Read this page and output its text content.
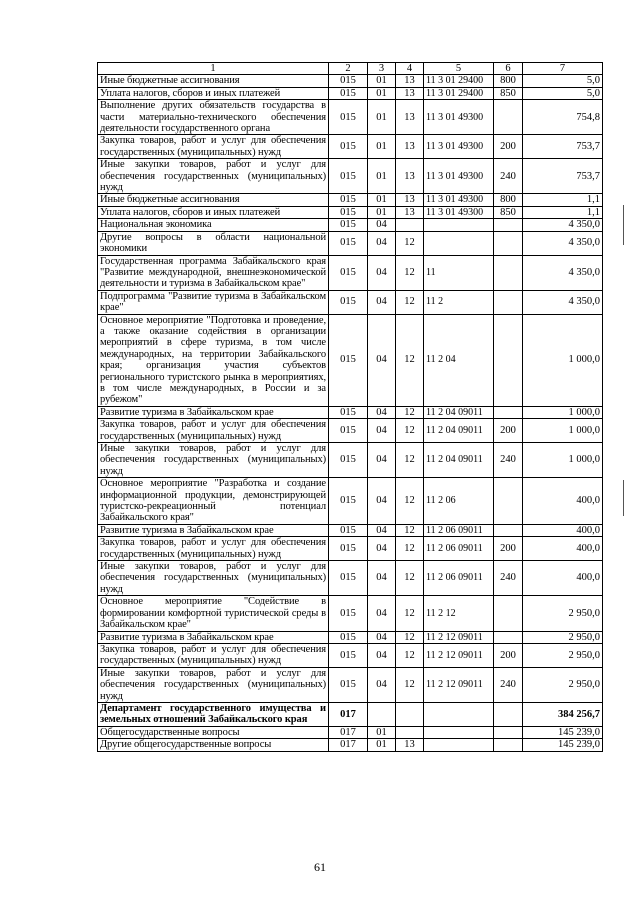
1	2	3	4	5	6	7
Иные бюджетные ассигнования	015	01	13	11 3 01 29400	800	5,0
Уплата налогов, сборов и иных платежей	015	01	13	11 3 01 29400	850	5,0
Выполнение других обязательств государства в части материально-технического обеспечения деятельности государственного органа	015	01	13	11 3 01 49300		754,8
Закупка товаров, работ и услуг для обеспечения государственных (муниципальных) нужд	015	01	13	11 3 01 49300	200	753,7
Иные закупки товаров, работ и услуг для обеспечения государственных (муниципальных) нужд	015	01	13	11 3 01 49300	240	753,7
Иные бюджетные ассигнования	015	01	13	11 3 01 49300	800	1,1
Уплата налогов, сборов и иных платежей	015	01	13	11 3 01 49300	850	1,1
Национальная экономика	015	04				4 350,0
Другие вопросы в области национальной экономики	015	04	12			4 350,0
Государственная программа Забайкальского края "Развитие международной, внешнеэкономической деятельности и туризма в Забайкальском крае"	015	04	12	11		4 350,0
Подпрограмма "Развитие туризма в Забайкальском крае"	015	04	12	11 2		4 350,0
Основное мероприятие "Подготовка и проведение, а также оказание содействия в организации мероприятий в сфере туризма, в том числе международных, на территории Забайкальского края; организация участия субъектов регионального туристского рынка в мероприятиях, в том числе международных, в России и за рубежом"	015	04	12	11 2 04		1 000,0
Развитие туризма в Забайкальском крае	015	04	12	11 2 04 09011		1 000,0
Закупка товаров, работ и услуг для обеспечения государственных (муниципальных) нужд	015	04	12	11 2 04 09011	200	1 000,0
Иные закупки товаров, работ и услуг для обеспечения государственных (муниципальных) нужд	015	04	12	11 2 04 09011	240	1 000,0
Основное мероприятие "Разработка и создание информационной продукции, демонстрирующей туристско-рекреационный потенциал Забайкальского края"	015	04	12	11 2 06		400,0
Развитие туризма в Забайкальском крае	015	04	12	11 2 06 09011		400,0
Закупка товаров, работ и услуг для обеспечения государственных (муниципальных) нужд	015	04	12	11 2 06 09011	200	400,0
Иные закупки товаров, работ и услуг для обеспечения государственных (муниципальных) нужд	015	04	12	11 2 06 09011	240	400,0
Основное мероприятие "Содействие в формировании комфортной туристической среды в Забайкальском крае"	015	04	12	11 2 12		2 950,0
Развитие туризма в Забайкальском крае	015	04	12	11 2 12 09011		2 950,0
Закупка товаров, работ и услуг для обеспечения государственных (муниципальных) нужд	015	04	12	11 2 12 09011	200	2 950,0
Иные закупки товаров, работ и услуг для обеспечения государственных (муниципальных) нужд	015	04	12	11 2 12 09011	240	2 950,0
Департамент государственного имущества и земельных отношений Забайкальского края	017					384 256,7
Общегосударственные вопросы	017	01				145 239,0
Другие общегосударственные вопросы	017	01	13			145 239,0
61
